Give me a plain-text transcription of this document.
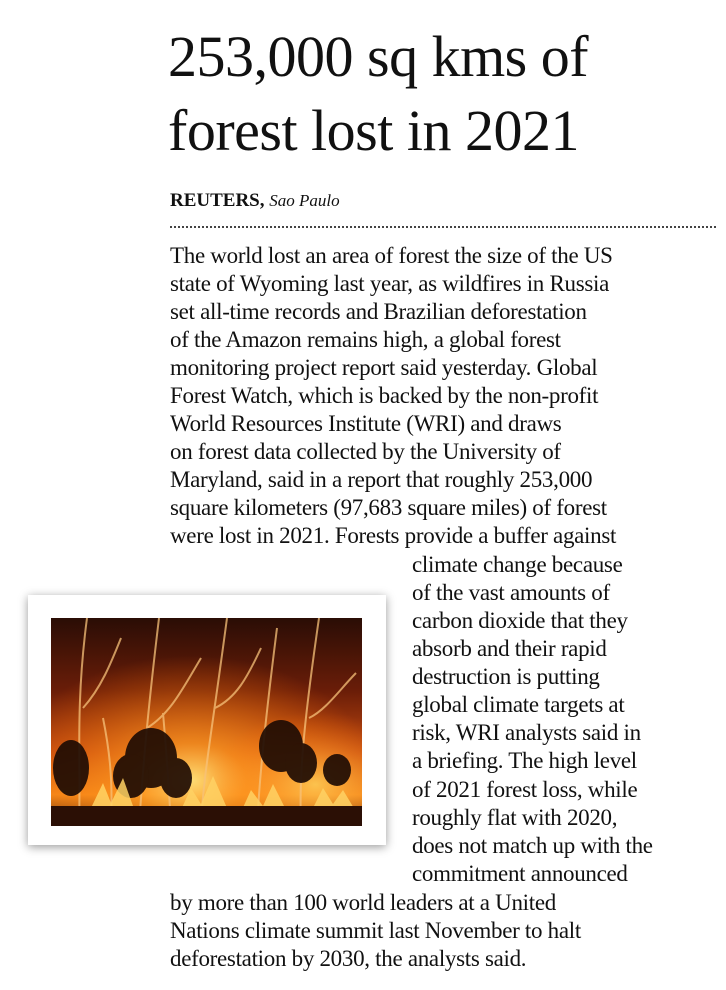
253,000 sq kms of
forest lost in 2021
REUTERS, Sao Paulo

The world lost an area of forest the size of the US

state of Wyoming last year, as wildfires in Russia

set all-time records and Brazilian deforestation

of the Amazon remains high, a global forest

monitoring project report said yesterday. Global

Forest Watch, which is backed by the non-profit

World Resources Institute (WRI) and draws

on forest data collected by the University of

Maryland, said in a report that roughly 253,000

square kilometers (97,683 square miles) of forest

were lost in 2021. Forests provide a buffer against

climate change because

of the vast amounts of

carbon dioxide that they

absorb and their rapid

destruction is putting

global climate targets at

risk, WRI analysts said in

a briefing. The high level

of 2021 forest loss, while

roughly flat with 2020,

does not match up with the

commitment announced

by more than 100 world leaders at a United

Nations climate summit last November to halt

deforestation by 2030, the analysts said.
